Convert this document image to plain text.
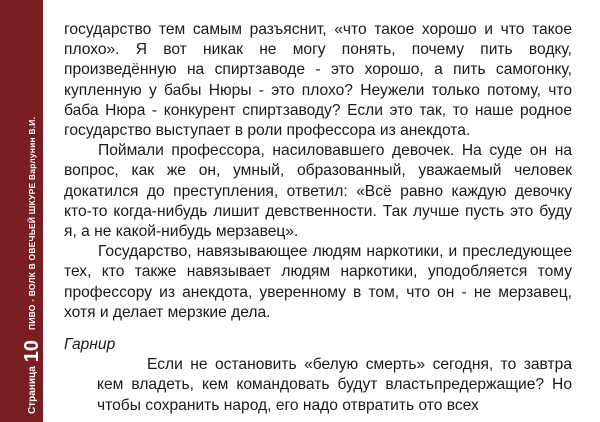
Страница
10
ПИВО - ВОЛК В ОВЕЧЬЕЙ ШКУРЕ Варлунин В.И.

государство тем самым разъяснит, «что такое хорошо и что такое плохо». Я вот никак не могу понять, почему пить водку, произведённую на спиртзаводе - это хорошо, а пить самогонку, купленную у бабы Нюры - это плохо? Неужели только потому, что баба Нюра - конкурент спиртзаводу? Если это так, то наше родное государство выступает в роли профессора из анекдота.

Поймали профессора, насиловавшего девочек. На суде он на вопрос, как же он, умный, образованный, уважаемый человек докатился до преступления, ответил: «Всё равно каждую девочку кто-то когда-нибудь лишит девственности. Так лучше пусть это буду я, а не какой-нибудь мерзавец».

Государство, навязывающее людям наркотики, и преследующее тех, кто также навязывает людям наркотики, уподобляется тому профессору из анекдота, уверенному в том, что он - не мерзавец, хотя и делает мерзкие дела.

Гарнир

Если не остановить «белую смерть» сегодня, то завтра кем владеть, кем командовать будут властьпредержащие? Но чтобы сохранить народ, его надо отвратить ото всех
